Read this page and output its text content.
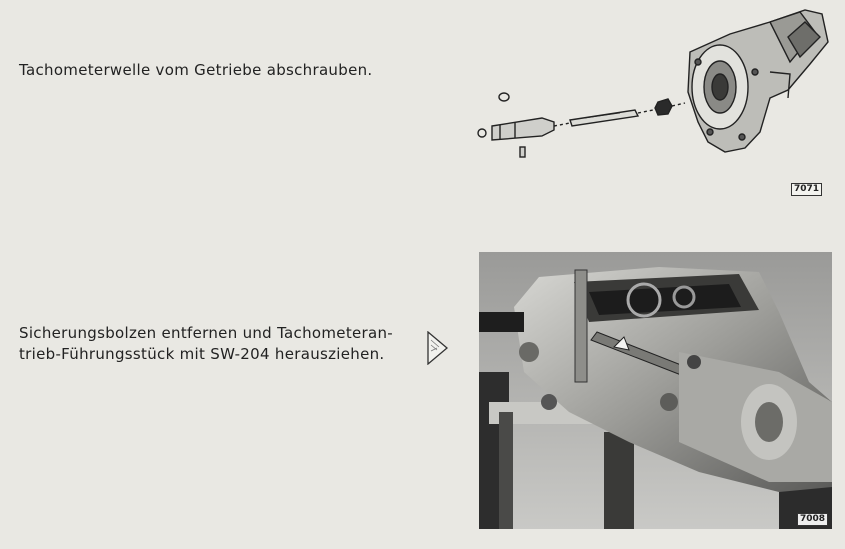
Tachometerwelle vom Getriebe abschrauben.

7071

Sicherungsbolzen entfernen und Tachometeran-
trieb-Führungsstück mit SW-204 herausziehen.

7008
